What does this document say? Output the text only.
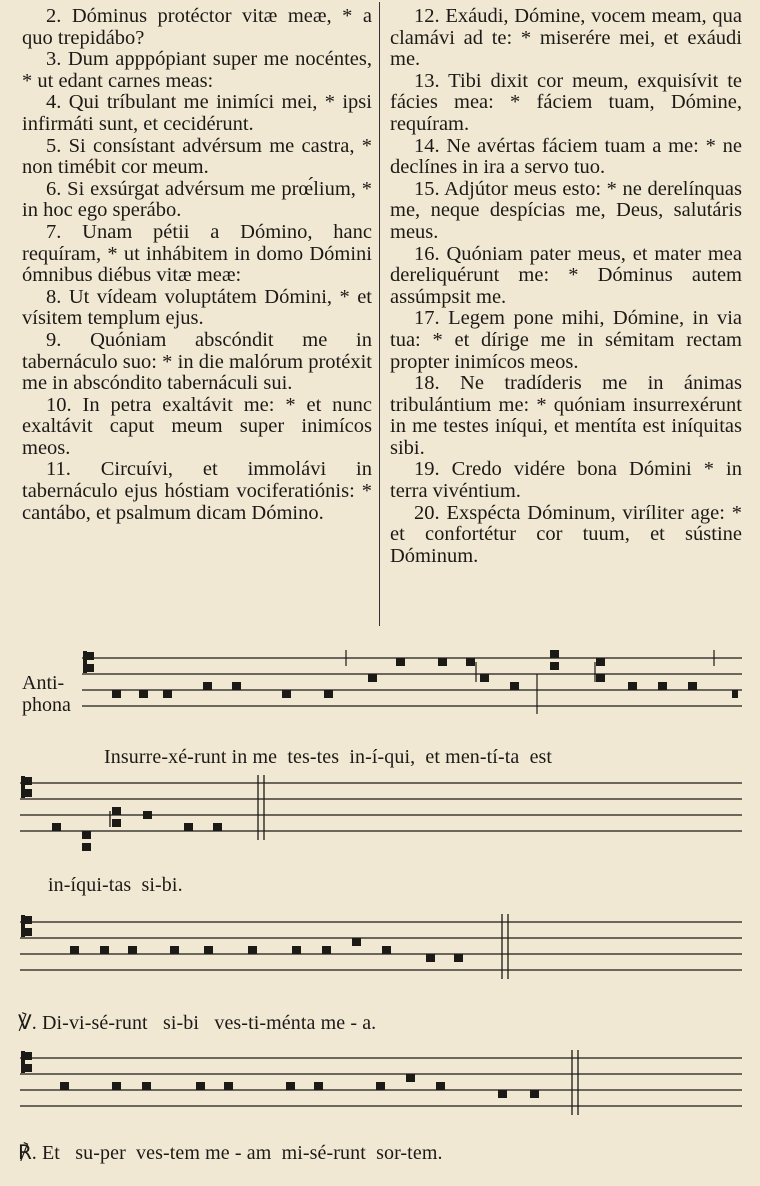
2. Dóminus protéctor vitæ meæ, * a quo trepidábo?

3. Dum appрópiant super me nocéntes, * ut edant carnes meas:

4. Qui tríbulant me inimíci mei, * ipsi infirmáti sunt, et cecidérunt.

5. Si consístant advérsum me castra, * non timébit cor meum.

6. Si exsúrgat advérsum me prœ́lium, * in hoc ego sperábo.

7. Unam pétii a Dómino, hanc requíram, * ut inhábitem in domo Dómini ómnibus diébus vitæ meæ:

8. Ut vídeam voluptátem Dómini, * et vísitem templum ejus.

9. Quóniam abscóndit me in tabernáculo suo: * in die malórum protéxit me in abscóndito tabernáculi sui.

10. In petra exaltávit me: * et nunc exaltávit caput meum super inimícos meos.

11. Circuívi, et immolávi in tabernáculo ejus hóstiam vociferatiónis: * cantábo, et psalmum dicam Dómino.

12. Exáudi, Dómine, vocem meam, qua clamávi ad te: * miserére mei, et exáudi me.

13. Tibi dixit cor meum, exquisívit te fácies mea: * fáciem tuam, Dómine, requíram.

14. Ne avértas fáciem tuam a me: * ne declínes in ira a servo tuo.

15. Adjútor meus esto: * ne derelínquas me, neque despícias me, Deus, salutáris meus.

16. Quóniam pater meus, et mater mea dereliquérunt me: * Dóminus autem assúmpsit me.

17. Legem pone mihi, Dómine, in via tua: * et dírige me in sémitam rectam propter inimícos meos.

18. Ne tradíderis me in ánimas tribulántium me: * quóniam insurrexérunt in me testes iníqui, et mentíta est iníquitas sibi.

19. Credo vidére bona Dómini * in terra vivéntium.

20. Exspécta Dóminum, viríliter age: * et confortétur cor tuum, et sústine Dóminum.

Anti-
phona
Insurre-xé-runt in me  tes-tes  in-í-qui,  et men-tí-ta  est
in-íqui-tas  si-bi.
℣. Di-vi-sé-runt   si-bi   ves-ti-ménta me - a.
℟. Et   su-per  ves-tem me - am  mi-sé-runt  sor-tem.
